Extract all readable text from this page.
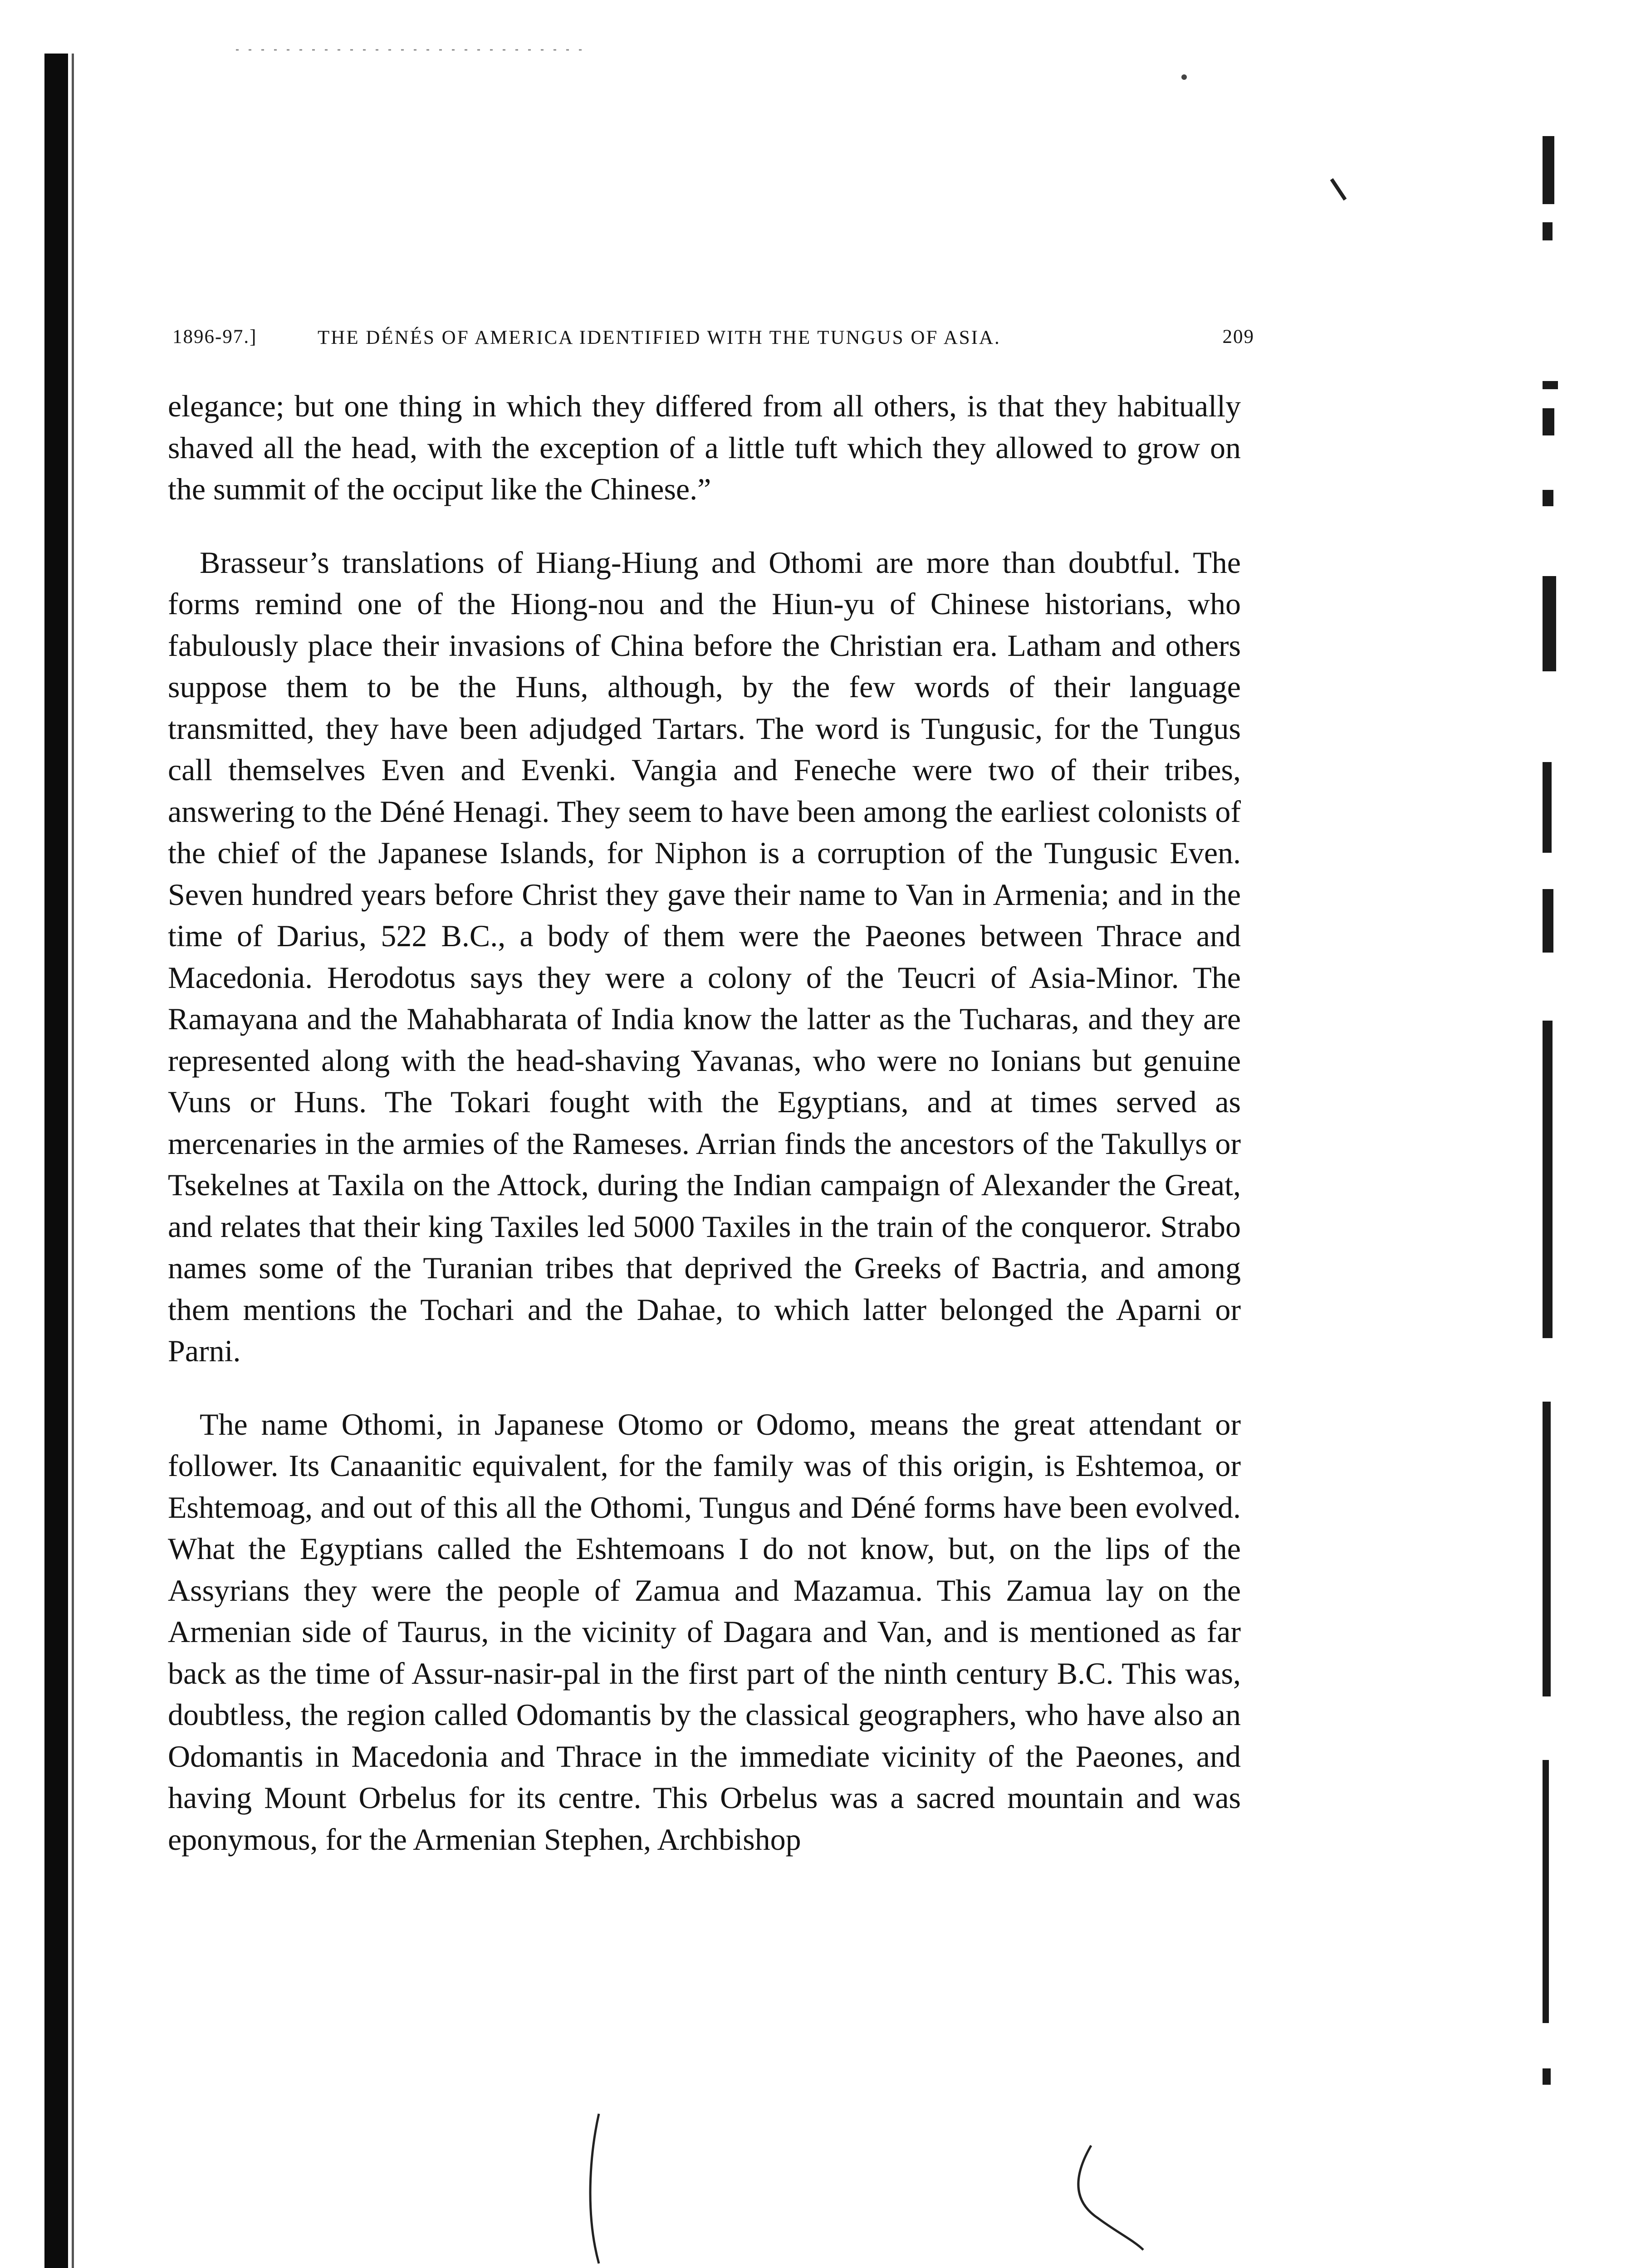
1896-97.]	THE DÉNÉS OF AMERICA IDENTIFIED WITH THE TUNGUS OF ASIA.	209

elegance; but one thing in which they differed from all others, is that they habitually shaved all the head, with the exception of a little tuft which they allowed to grow on the summit of the occiput like the Chinese.”

Brasseur’s translations of Hiang-Hiung and Othomi are more than doubtful. The forms remind one of the Hiong-nou and the Hiun-yu of Chinese historians, who fabulously place their invasions of China before the Christian era. Latham and others suppose them to be the Huns, although, by the few words of their language transmitted, they have been adjudged Tartars. The word is Tungusic, for the Tungus call themselves Even and Evenki. Vangia and Feneche were two of their tribes, answering to the Déné Henagi. They seem to have been among the earliest colonists of the chief of the Japanese Islands, for Niphon is a corruption of the Tungusic Even. Seven hundred years before Christ they gave their name to Van in Armenia; and in the time of Darius, 522 B.C., a body of them were the Paeones between Thrace and Macedonia. Herodotus says they were a colony of the Teucri of Asia-Minor. The Ramayana and the Mahabharata of India know the latter as the Tucharas, and they are represented along with the head-shaving Yavanas, who were no Ionians but genuine Vuns or Huns. The Tokari fought with the Egyptians, and at times served as mercenaries in the armies of the Rameses. Arrian finds the ancestors of the Takullys or Tsekelnes at Taxila on the Attock, during the Indian campaign of Alexander the Great, and relates that their king Taxiles led 5000 Taxiles in the train of the conqueror. Strabo names some of the Turanian tribes that deprived the Greeks of Bactria, and among them mentions the Tochari and the Dahae, to which latter belonged the Aparni or Parni.

The name Othomi, in Japanese Otomo or Odomo, means the great attendant or follower. Its Canaanitic equivalent, for the family was of this origin, is Eshtemoa, or Eshtemoag, and out of this all the Othomi, Tungus and Déné forms have been evolved. What the Egyptians called the Eshtemoans I do not know, but, on the lips of the Assyrians they were the people of Zamua and Mazamua. This Zamua lay on the Armenian side of Taurus, in the vicinity of Dagara and Van, and is mentioned as far back as the time of Assur-nasir-pal in the first part of the ninth century B.C. This was, doubtless, the region called Odomantis by the classical geographers, who have also an Odomantis in Macedonia and Thrace in the immediate vicinity of the Paeones, and having Mount Orbelus for its centre. This Orbelus was a sacred mountain and was eponymous, for the Armenian Stephen, Archbishop
